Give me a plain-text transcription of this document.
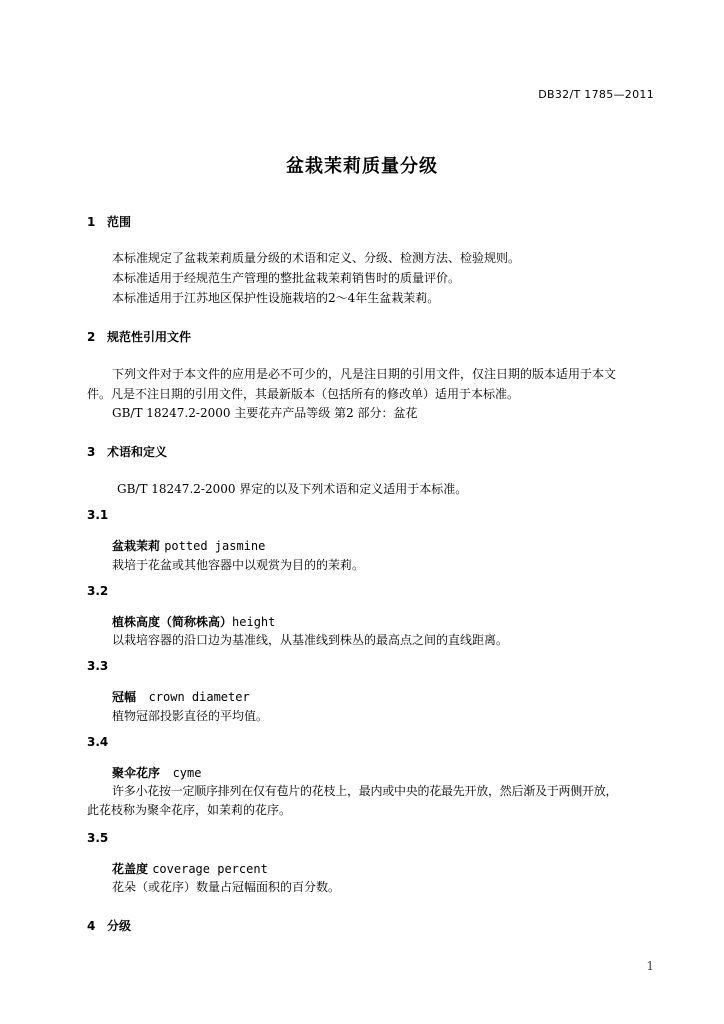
DB32/T 1785—2011
盆栽茉莉质量分级
1 范围
本标准规定了盆栽茉莉质量分级的术语和定义、分级、检测方法、检验规则。
本标准适用于经规范生产管理的整批盆栽茉莉销售时的质量评价。
本标准适用于江苏地区保护性设施栽培的2～4年生盆栽茉莉。
2 规范性引用文件
下列文件对于本文件的应用是必不可少的，凡是注日期的引用文件，仅注日期的版本适用于本文
件。凡是不注日期的引用文件，其最新版本（包括所有的修改单）适用于本标准。
GB/T 18247.2-2000 主要花卉产品等级 第2 部分：盆花
3 术语和定义
GB/T 18247.2-2000 界定的以及下列术语和定义适用于本标准。
3.1
盆栽茉莉 potted jasmine
栽培于花盆或其他容器中以观赏为目的的茉莉。
3.2
植株高度（简称株高）height
以栽培容器的沿口边为基准线，从基准线到株丛的最高点之间的直线距离。
3.3
冠幅 crown diameter
植物冠部投影直径的平均值。
3.4
聚伞花序 cyme
许多小花按一定顺序排列在仅有苞片的花枝上，最内或中央的花最先开放，然后渐及于两侧开放，
此花枝称为聚伞花序，如茉莉的花序。
3.5
花盖度 coverage percent
花朵（或花序）数量占冠幅面积的百分数。
4 分级
1
